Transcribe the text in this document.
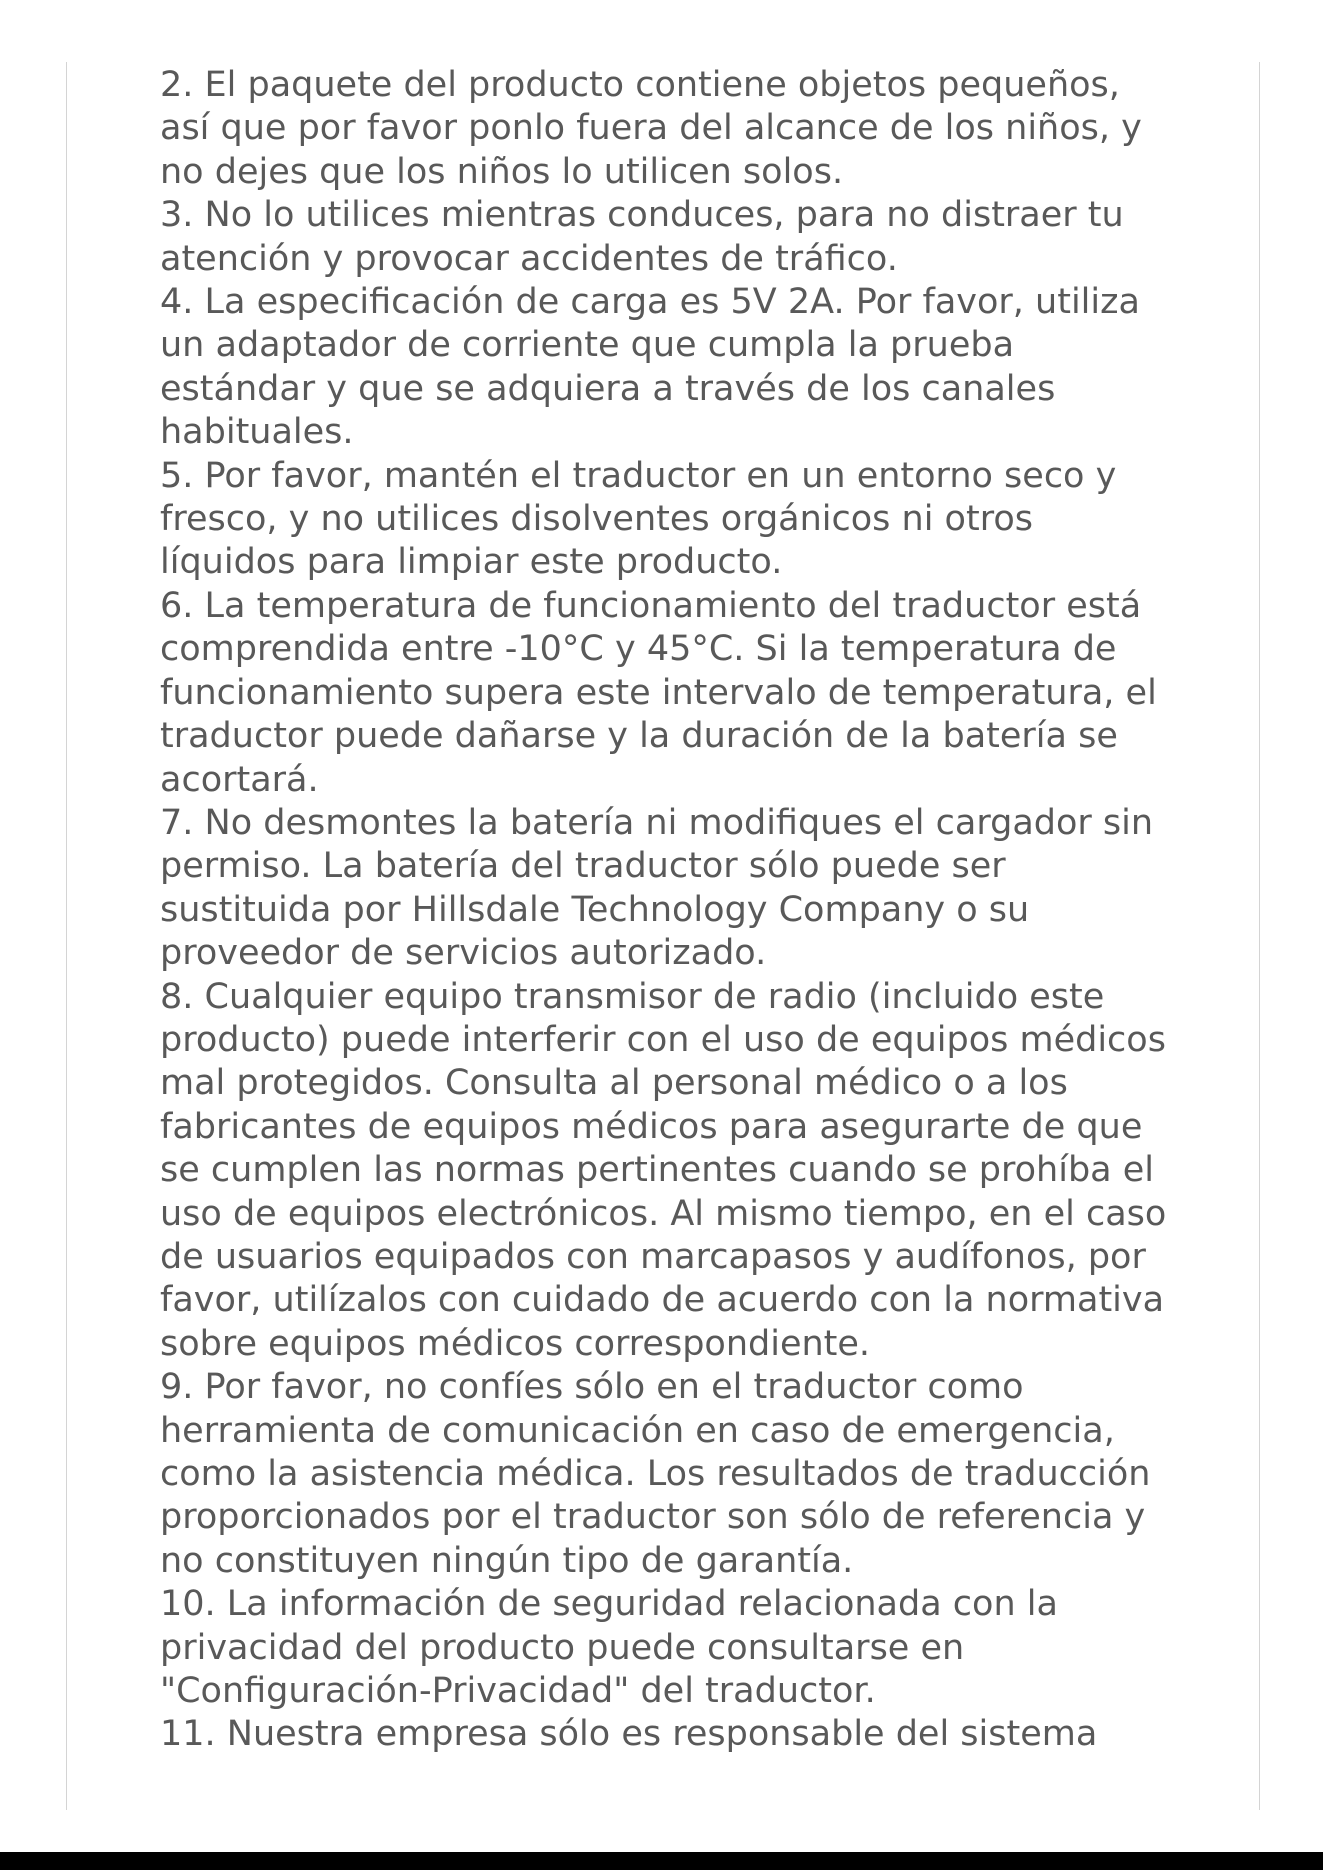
2. El paquete del producto contiene objetos pequeños, así que por favor ponlo fuera del alcance de los niños, y no dejes que los niños lo utilicen solos.

3. No lo utilices mientras conduces, para no distraer tu atención y provocar accidentes de tráfico.

4. La especificación de carga es 5V 2A. Por favor, utiliza un adaptador de corriente que cumpla la prueba estándar y que se adquiera a través de los canales habituales.

5. Por favor, mantén el traductor en un entorno seco y fresco, y no utilices disolventes orgánicos ni otros líquidos para limpiar este producto.

6. La temperatura de funcionamiento del traductor está comprendida entre -10°C y 45°C. Si la temperatura de funcionamiento supera este intervalo de temperatura, el traductor puede dañarse y la duración de la batería se acortará.

7. No desmontes la batería ni modifiques el cargador sin permiso. La batería del traductor sólo puede ser sustituida por Hillsdale Technology Company o su proveedor de servicios autorizado.

8. Cualquier equipo transmisor de radio (incluido este producto) puede interferir con el uso de equipos médicos mal protegidos. Consulta al personal médico o a los fabricantes de equipos médicos para asegurarte de que se cumplen las normas pertinentes cuando se prohíba el uso de equipos electrónicos. Al mismo tiempo, en el caso de usuarios equipados con marcapasos y audífonos, por favor, utilízalos con cuidado de acuerdo con la normativa sobre equipos médicos correspondiente.

9. Por favor, no confíes sólo en el traductor como herramienta de comunicación en caso de emergencia, como la asistencia médica. Los resultados de traducción proporcionados por el traductor son sólo de referencia y no constituyen ningún tipo de garantía.

10. La información de seguridad relacionada con la privacidad del producto puede consultarse en "Configuración-Privacidad" del traductor.

11. Nuestra empresa sólo es responsable del sistema
